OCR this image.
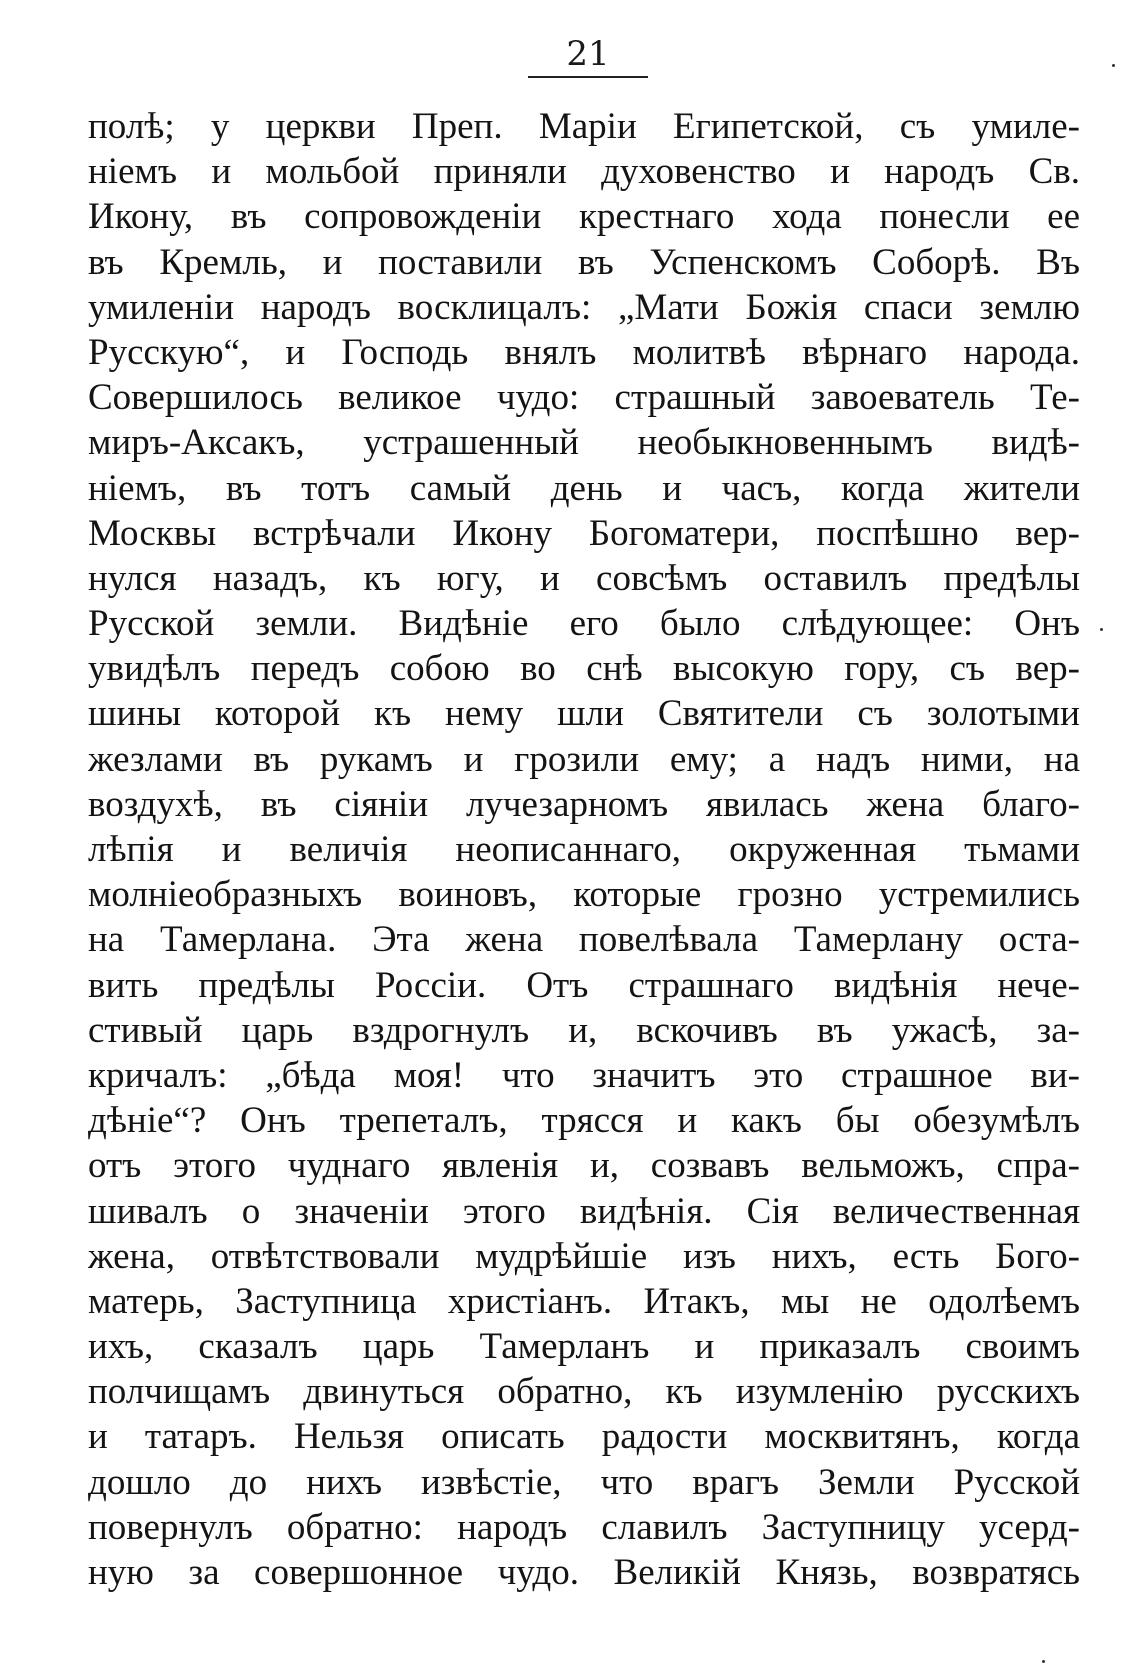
21
полѣ; у церкви Преп. Маріи Египетской, съ умиле-
ніемъ и мольбой приняли духовенство и народъ Св.
Икону, въ сопровожденіи крестнаго хода понесли ее
въ Кремль, и поставили въ Успенскомъ Соборѣ. Въ
умиленіи народъ восклицалъ: „Мати Божія спаси землю
Русскую“, и Господь внялъ молитвѣ вѣрнаго народа.
Совершилось великое чудо: страшный завоеватель Те-
миръ-Аксакъ, устрашенный необыкновеннымъ видѣ-
ніемъ, въ тотъ самый день и часъ, когда жители
Москвы встрѣчали Икону Богоматери, поспѣшно вер-
нулся назадъ, къ югу, и совсѣмъ оставилъ предѣлы
Русской земли. Видѣніе его было слѣдующее: Онъ
увидѣлъ передъ собою во снѣ высокую гору, съ вер-
шины которой къ нему шли Святители съ золотыми
жезлами въ рукамъ и грозили ему; а надъ ними, на
воздухѣ, въ сіяніи лучезарномъ явилась жена благо-
лѣпія и величія неописаннаго, окруженная тьмами
молніеобразныхъ воиновъ, которые грозно устремились
на Тамерлана. Эта жена повелѣвала Тамерлану оста-
вить предѣлы Россіи. Отъ страшнаго видѣнія нече-
стивый царь вздрогнулъ и, вскочивъ въ ужасѣ, за-
кричалъ: „бѣда моя! что значитъ это страшное ви-
дѣніе“? Онъ трепеталъ, трясся и какъ бы обезумѣлъ
отъ этого чуднаго явленія и, созвавъ вельможъ, спра-
шивалъ о значеніи этого видѣнія. Сія величественная
жена, отвѣтствовали мудрѣйшіе изъ нихъ, есть Бого-
матерь, Заступница христіанъ. Итакъ, мы не одолѣемъ
ихъ, сказалъ царь Тамерланъ и приказалъ своимъ
полчищамъ двинуться обратно, къ изумленію русскихъ
и татаръ. Нельзя описать радости москвитянъ, когда
дошло до нихъ извѣстіе, что врагъ Земли Русской
повернулъ обратно: народъ славилъ Заступницу усерд-
ную за совершонное чудо. Великій Князь, возвратясь
